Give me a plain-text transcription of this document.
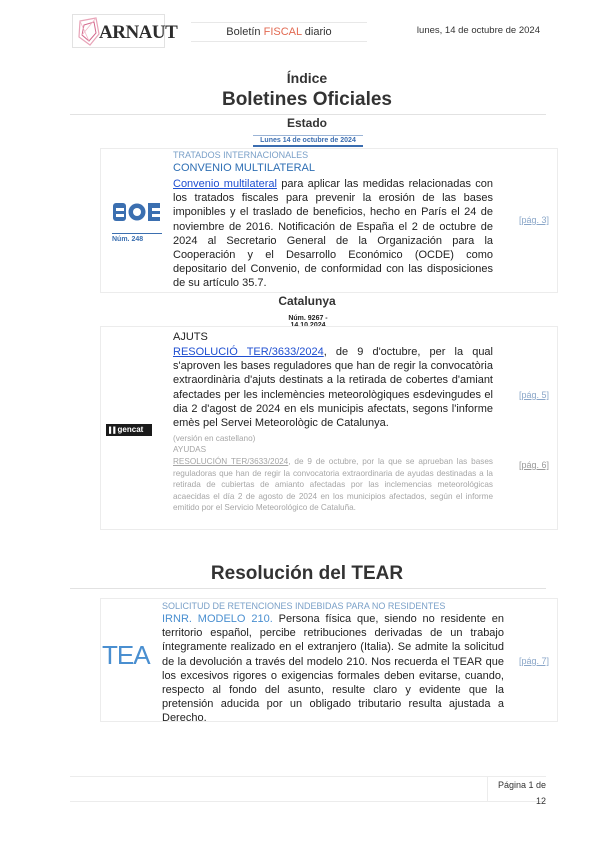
ARNAUT	Boletín FISCAL diario	lunes, 14 de octubre de 2024
Índice
Boletines Oficiales
Estado
Lunes 14 de octubre de 2024
Núm. 248
TRATADOS INTERNACIONALES
CONVENIO MULTILATERAL
Convenio multilateral para aplicar las medidas relacionadas con los tratados fiscales para prevenir la erosión de las bases imponibles y el traslado de beneficios, hecho en París el 24 de noviembre de 2016. Notificación de España el 2 de octubre de 2024 al Secretario General de la Organización para la Cooperación y el Desarrollo Económico (OCDE) como depositario del Convenio, de conformidad con las disposiciones de su artículo 35.7.
[pág. 3]
Catalunya
Núm. 9267 -
▌▌gencat
AJUTS
RESOLUCIÓ TER/3633/2024, de 9 d'octubre, per la qual s'aproven les bases reguladores que han de regir la convocatòria extraordinària d'ajuts destinats a la retirada de cobertes d'amiant afectades per les inclemències meteorològiques esdevingudes el dia 2 d'agost de 2024 en els municipis afectats, segons l'informe emès pel Servei Meteorològic de Catalunya.
[pág. 5]
(versión en castellano)
AYUDAS
RESOLUCIÓN TER/3633/2024, de 9 de octubre, por la que se aprueban las bases reguladoras que han de regir la convocatoria extraordinaria de ayudas destinadas a la retirada de cubiertas de amianto afectadas por las inclemencias meteorológicas acaecidas el día 2 de agosto de 2024 en los municipios afectados, según el informe emitido por el Servicio Meteorológico de Cataluña.
[pág. 6]
Resolución del TEAR
TEA
SOLICITUD DE RETENCIONES INDEBIDAS PARA NO RESIDENTES
IRNR. MODELO 210. Persona física que, siendo no residente en territorio español, percibe retribuciones derivadas de un trabajo íntegramente realizado en el extranjero (Italia). Se admite la solicitud de la devolución a través del modelo 210. Nos recuerda el TEAR que los excesivos rigores o exigencias formales deben evitarse, cuando, respecto al fondo del asunto, resulte claro y evidente que la pretensión aducida por un obligado tributario resulta ajustada a Derecho.
[pág. 7]
Página 1 de 12
